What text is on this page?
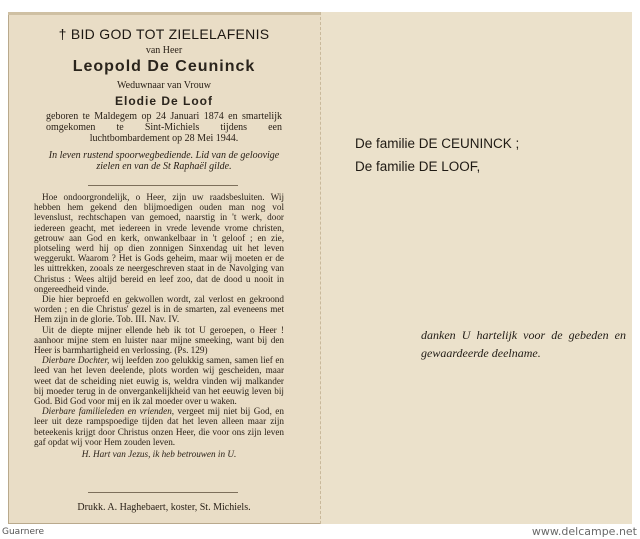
† BID GOD TOT ZIELELAFENIS
van Heer
Leopold De Ceuninck
Weduwnaar van Vrouw
Elodie De Loof
geboren te Maldegem op 24 Januari 1874 en smartelijk omgekomen te Sint-Michiels tijdens een luchtbombardement op 28 Mei 1944.
In leven rustend spoorwegbediende. Lid van de geloovige zielen en van de St Raphaël gilde.

Hoe ondoorgrondelijk, o Heer, zijn uw raadsbesluiten. Wij hebben hem gekend den blijmoedigen ouden man nog vol levenslust, rechtschapen van gemoed, naarstig in 't werk, door iedereen geacht, met iedereen in vrede levende vrome christen, getrouw aan God en kerk, onwankelbaar in 't geloof ; en zie, plotseling werd hij op dien zonnigen Sinxendag uit het leven weggerukt. Waarom ? Het is Gods geheim, maar wij moeten er de les uittrekken, zooals ze neergeschreven staat in de Navolging van Christus : Wees altijd bereid en leef zoo, dat de dood u nooit in ongereedheid vinde.

Die hier beproefd en gekwollen wordt, zal verlost en gekroond worden ; en die Christus' gezel is in de smarten, zal eveneens met Hem zijn in de glorie. Tob. III. Nav. IV.

Uit de diepte mijner ellende heb ik tot U geroepen, o Heer ! aanhoor mijne stem en luister naar mijne smeeking, want bij den Heer is barmhartigheid en verlossing. (Ps. 129)

Dierbare Dochter, wij leefden zoo gelukkig samen, samen lief en leed van het leven deelende, plots worden wij gescheiden, maar weet dat de scheiding niet euwig is, weldra vinden wij malkander bij moeder terug in de onvergankelijkheid van het eeuwig leven bij God. Bid God voor mij en ik zal moeder over u waken.

Dierbare familieleden en vrienden, vergeet mij niet bij God, en leer uit deze rampspoedige tijden dat het leven alleen maar zijn beteekenis krijgt door Christus onzen Heer, die voor ons zijn leven gaf opdat wij voor Hem zouden leven.

H. Hart van Jezus, ik heb betrouwen in U.

Drukk. A. Haghebaert, koster, St. Michiels.
De familie DE CEUNINCK ;
De familie DE LOOF,
danken U hartelijk voor de gebeden en gewaardeerde deelname.
Guarnere	www.delcampe.net
